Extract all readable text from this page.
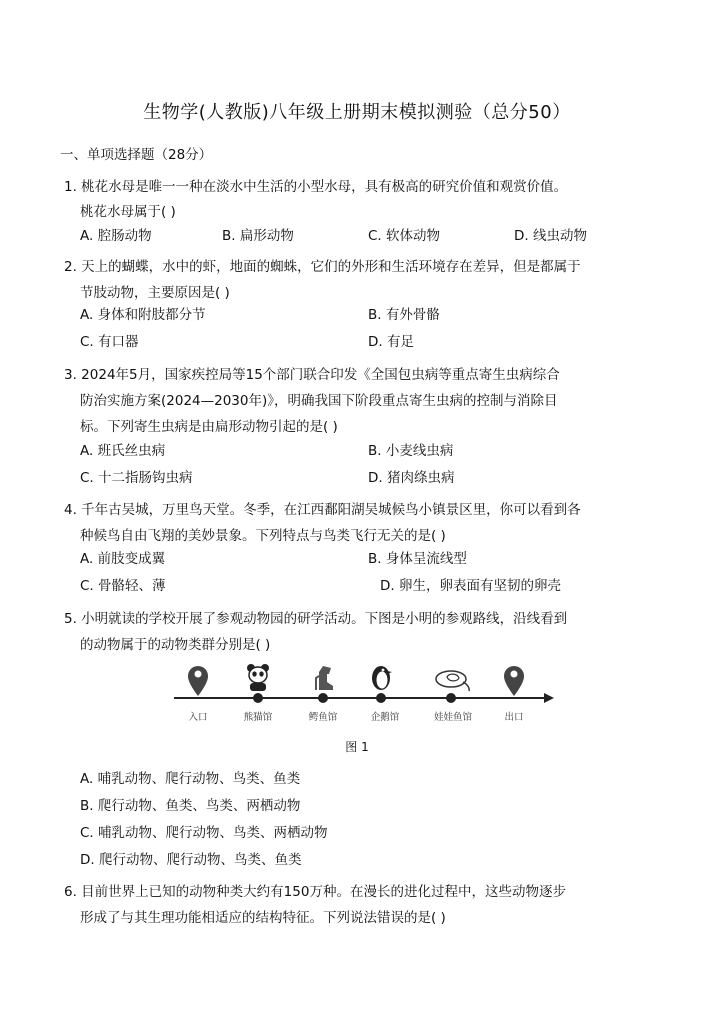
生物学(人教版)八年级上册期末模拟测验（总分50）
一、单项选择题（28分）
1. 桃花水母是唯一一种在淡水中生活的小型水母，具有极高的研究价值和观赏价值。
桃花水母属于( )
A. 腔肠动物	B. 扁形动物	C. 软体动物	D. 线虫动物
2. 天上的蝴蝶，水中的虾，地面的蜘蛛，它们的外形和生活环境存在差异，但是都属于
节肢动物，主要原因是( )
A. 身体和附肢都分节	B. 有外骨骼
C. 有口器	D. 有足
3. 2024年5月，国家疾控局等15个部门联合印发《全国包虫病等重点寄生虫病综合
防治实施方案(2024—2030年)》，明确我国下阶段重点寄生虫病的控制与消除目
标。下列寄生虫病是由扁形动物引起的是( )
A. 班氏丝虫病	B. 小麦线虫病
C. 十二指肠钩虫病	D. 猪肉绦虫病
4. 千年古吴城，万里鸟天堂。冬季，在江西鄱阳湖吴城候鸟小镇景区里，你可以看到各
种候鸟自由飞翔的美妙景象。下列特点与鸟类飞行无关的是( )
A. 前肢变成翼	B. 身体呈流线型
C. 骨骼轻、薄	D. 卵生，卵表面有坚韧的卵壳
5. 小明就读的学校开展了参观动物园的研学活动。下图是小明的参观路线，沿线看到
的动物属于的动物类群分别是( )
入口	熊猫馆	鳄鱼馆	企鹅馆	娃娃鱼馆	出口
图 1
A. 哺乳动物、爬行动物、鸟类、鱼类
B. 爬行动物、鱼类、鸟类、两栖动物
C. 哺乳动物、爬行动物、鸟类、两栖动物
D. 爬行动物、爬行动物、鸟类、鱼类
6. 目前世界上已知的动物种类大约有150万种。在漫长的进化过程中，这些动物逐步
形成了与其生理功能相适应的结构特征。下列说法错误的是( )
